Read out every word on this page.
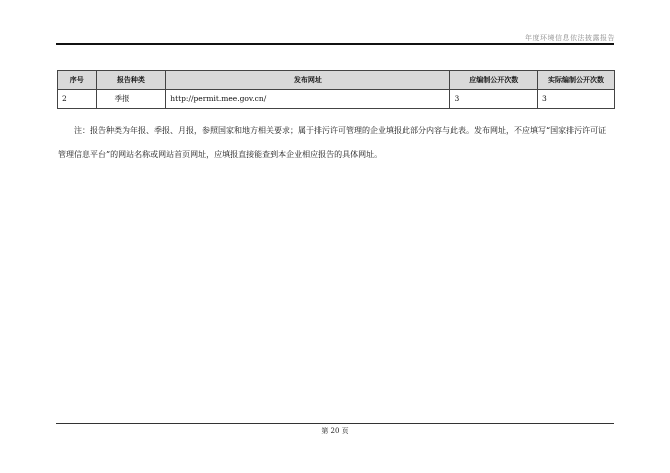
年度环境信息依法披露报告
序号	报告种类	发布网址	应编制公开次数	实际编制公开次数
2	季报	http://permit.mee.gov.cn/	3	3

注：报告种类为年报、季报、月报，参照国家和地方相关要求；属于排污许可管理的企业填报此部分内容与此表。发布网址，不应填写“国家排污许可证管理信息平台”的网站名称或网站首页网址，应填报直接能查到本企业相应报告的具体网址。

第 20 页
